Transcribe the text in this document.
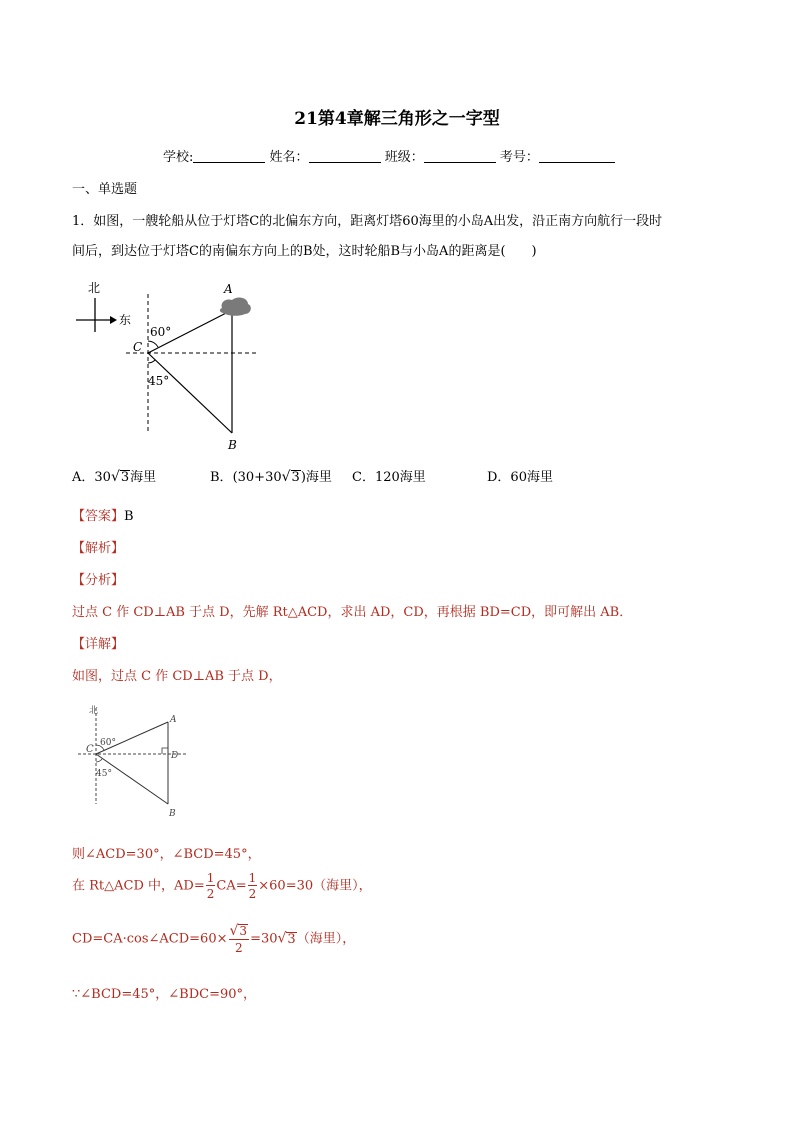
21第4章解三角形之一字型
学校:	姓名：	班级：	考号：
一、单选题
1．如图，一艘轮船从位于灯塔C的北偏东方向，距离灯塔60海里的小岛A出发，沿正南方向航行一段时
间后，到达位于灯塔C的南偏东方向上的B处，这时轮船B与小岛A的距离是(　　)
北
东
A
B
C
60°
45°
A．30√3海里	B．(30+30√3)海里 C．120海里	D．60海里
【答案】B
【解析】
【分析】
过点 C 作 CD⊥AB 于点 D，先解 Rt△ACD，求出 AD，CD，再根据 BD=CD，即可解出 AB．
【详解】
如图，过点 C 作 CD⊥AB 于点 D，
北
A
B
C
D
60°
45°
则∠ACD=30°，∠BCD=45°，
在 Rt△ACD 中，$AD= \frac{1}{2} CA= \frac{1}{2} \times 60=30$（海里），
CD=CA·cos∠ACD=60× $\frac{√3}{2} =30√3$（海里），
∵∠BCD=45°，∠BDC=90°，
